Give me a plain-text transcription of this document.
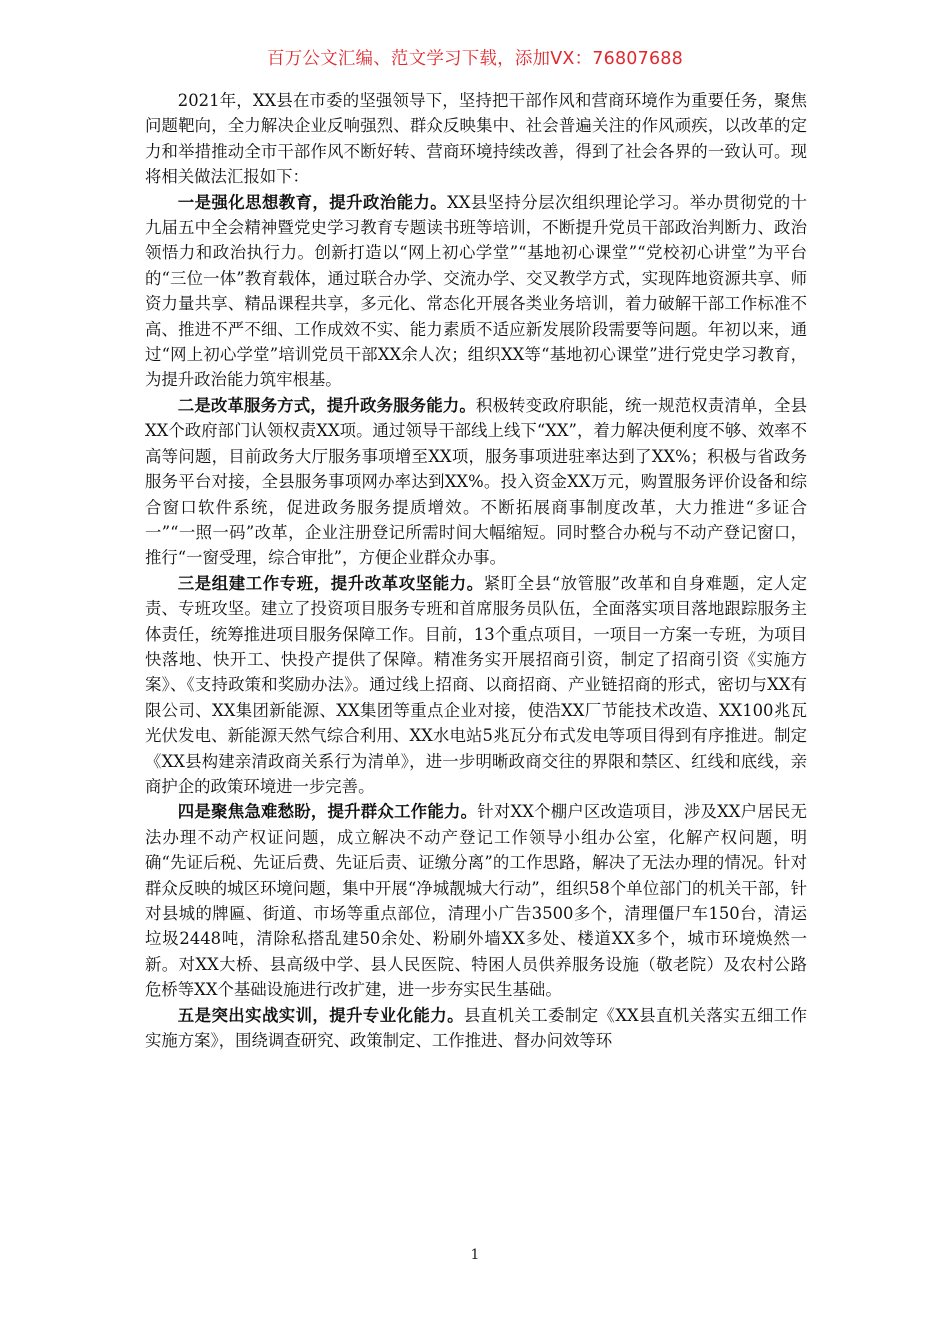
百万公文汇编、范文学习下载，添加VX：76807688

2021年，XX县在市委的坚强领导下，坚持把干部作风和营商环境作为重要任务，聚焦问题靶向，全力解决企业反响强烈、群众反映集中、社会普遍关注的作风顽疾，以改革的定力和举措推动全市干部作风不断好转、营商环境持续改善，得到了社会各界的一致认可。现将相关做法汇报如下：

一是强化思想教育，提升政治能力。XX县坚持分层次组织理论学习。举办贯彻党的十九届五中全会精神暨党史学习教育专题读书班等培训，不断提升党员干部政治判断力、政治领悟力和政治执行力。创新打造以“网上初心学堂”“基地初心课堂”“党校初心讲堂”为平台的“三位一体”教育载体，通过联合办学、交流办学、交叉教学方式，实现阵地资源共享、师资力量共享、精品课程共享，多元化、常态化开展各类业务培训，着力破解干部工作标准不高、推进不严不细、工作成效不实、能力素质不适应新发展阶段需要等问题。年初以来，通过“网上初心学堂”培训党员干部XX余人次；组织XX等“基地初心课堂”进行党史学习教育，为提升政治能力筑牢根基。

二是改革服务方式，提升政务服务能力。积极转变政府职能，统一规范权责清单，全县XX个政府部门认领权责XX项。通过领导干部线上线下“XX”，着力解决便利度不够、效率不高等问题，目前政务大厅服务事项增至XX项，服务事项进驻率达到了XX%；积极与省政务服务平台对接，全县服务事项网办率达到XX%。投入资金XX万元，购置服务评价设备和综合窗口软件系统，促进政务服务提质增效。不断拓展商事制度改革，大力推进“多证合一”“一照一码”改革，企业注册登记所需时间大幅缩短。同时整合办税与不动产登记窗口，推行“一窗受理，综合审批”，方便企业群众办事。

三是组建工作专班，提升改革攻坚能力。紧盯全县“放管服”改革和自身难题，定人定责、专班攻坚。建立了投资项目服务专班和首席服务员队伍，全面落实项目落地跟踪服务主体责任，统筹推进项目服务保障工作。目前，13个重点项目，一项目一方案一专班，为项目快落地、快开工、快投产提供了保障。精准务实开展招商引资，制定了招商引资《实施方案》、《支持政策和奖励办法》。通过线上招商、以商招商、产业链招商的形式，密切与XX有限公司、XX集团新能源、XX集团等重点企业对接，使浩XX厂节能技术改造、XX100兆瓦光伏发电、新能源天然气综合利用、XX水电站5兆瓦分布式发电等项目得到有序推进。制定《XX县构建亲清政商关系行为清单》，进一步明晰政商交往的界限和禁区、红线和底线，亲商护企的政策环境进一步完善。

四是聚焦急难愁盼，提升群众工作能力。针对XX个棚户区改造项目，涉及XX户居民无法办理不动产权证问题，成立解决不动产登记工作领导小组办公室，化解产权问题，明确“先证后税、先证后费、先证后责、证缴分离”的工作思路，解决了无法办理的情况。针对群众反映的城区环境问题，集中开展“净城靓城大行动”，组织58个单位部门的机关干部，针对县城的牌匾、街道、市场等重点部位，清理小广告3500多个，清理僵尸车150台，清运垃圾2448吨，清除私搭乱建50余处、粉刷外墙XX多处、楼道XX多个，城市环境焕然一新。对XX大桥、县高级中学、县人民医院、特困人员供养服务设施（敬老院）及农村公路危桥等XX个基础设施进行改扩建，进一步夯实民生基础。

五是突出实战实训，提升专业化能力。县直机关工委制定《XX县直机关落实五细工作实施方案》，围绕调查研究、政策制定、工作推进、督办问效等环

1
